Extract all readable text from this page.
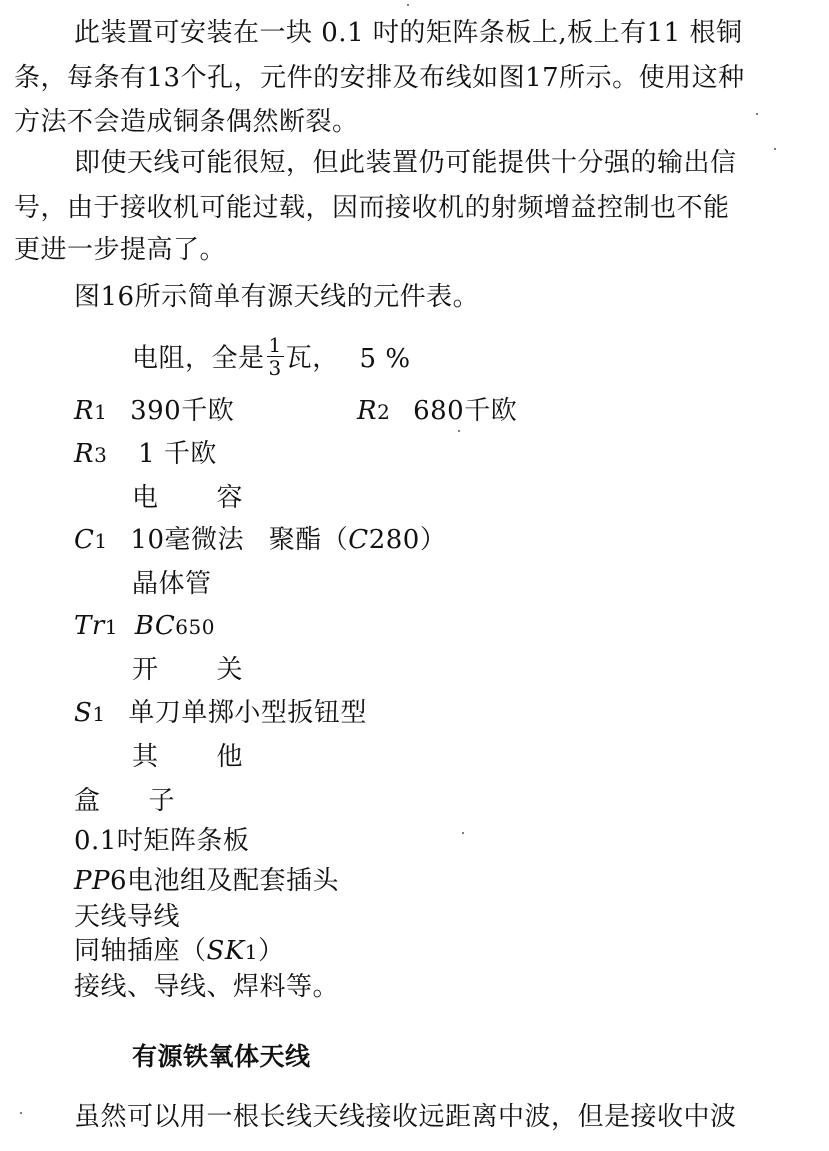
此装置可安装在一块 0.1 吋的矩阵条板上,板上有11 根铜
条，每条有13个孔，元件的安排及布线如图17所示。使用这种
方法不会造成铜条偶然断裂。
即使天线可能很短，但此装置仍可能提供十分强的输出信
号，由于接收机可能过载，因而接收机的射频增益控制也不能
更进一步提高了。
图16所示简单有源天线的元件表。
电阻，全是 $\frac{1}{3}$ 瓦， 5 %
R1 390千欧	R2 680千欧
R3 1 千欧
电 容
C1 10毫微法 聚酯（C280）
晶体管
Tr1 BC650
开 关
S1 单刀单掷小型扳钮型
其 他
盒 子
0.1吋矩阵条板
PP6电池组及配套插头
天线导线
同轴插座（SK1）
接线、导线、焊料等。
有源铁氧体天线
虽然可以用一根长线天线接收远距离中波，但是接收中波
